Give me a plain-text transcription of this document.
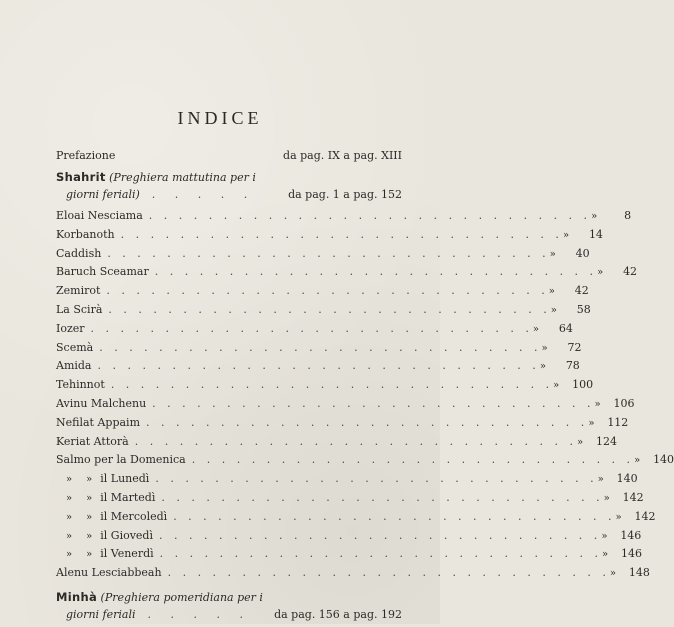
INDICE
Prefazione	da pag. IX a pag. XIII
Shahrit (Preghiera mattutina per i
giorni feriali)	. . . . .	da pag. 1 a pag. 152
Eloai Nesciama . . . . . . . . . . . . . . . . . . . . . . . . . . . . . . »	8
Korbanoth . . . . . . . . . . . . . . . . . . . . . . . . . . . . . . »	14
Caddish . . . . . . . . . . . . . . . . . . . . . . . . . . . . . . »	40
Baruch Sceamar . . . . . . . . . . . . . . . . . . . . . . . . . . . . . . »	42
Zemirot . . . . . . . . . . . . . . . . . . . . . . . . . . . . . . »	42
La Scirà . . . . . . . . . . . . . . . . . . . . . . . . . . . . . . »	58
Iozer . . . . . . . . . . . . . . . . . . . . . . . . . . . . . . »	64
Scemà . . . . . . . . . . . . . . . . . . . . . . . . . . . . . . »	72
Amida . . . . . . . . . . . . . . . . . . . . . . . . . . . . . . »	78
Tehinnot . . . . . . . . . . . . . . . . . . . . . . . . . . . . . . »	100
Avinu Malchenu . . . . . . . . . . . . . . . . . . . . . . . . . . . . . . »	106
Nefilat Appaim . . . . . . . . . . . . . . . . . . . . . . . . . . . . . . »	112
Keriat Attorà . . . . . . . . . . . . . . . . . . . . . . . . . . . . . . »	124
Salmo per la Domenica . . . . . . . . . . . . . . . . . . . . . . . . . . . . . . »	140
» » il Lunedì . . . . . . . . . . . . . . . . . . . . . . . . . . . . . . »	140
» » il Martedì . . . . . . . . . . . . . . . . . . . . . . . . . . . . . . »	142
» » il Mercoledì . . . . . . . . . . . . . . . . . . . . . . . . . . . . . . »	142
» » il Giovedì . . . . . . . . . . . . . . . . . . . . . . . . . . . . . . »	146
» » il Venerdì . . . . . . . . . . . . . . . . . . . . . . . . . . . . . . »	146
Alenu Lesciabbeah . . . . . . . . . . . . . . . . . . . . . . . . . . . . . . »	148
Minhà (Preghiera pomeridiana per i
giorni feriali	. . . . .	da pag. 156 a pag. 192
